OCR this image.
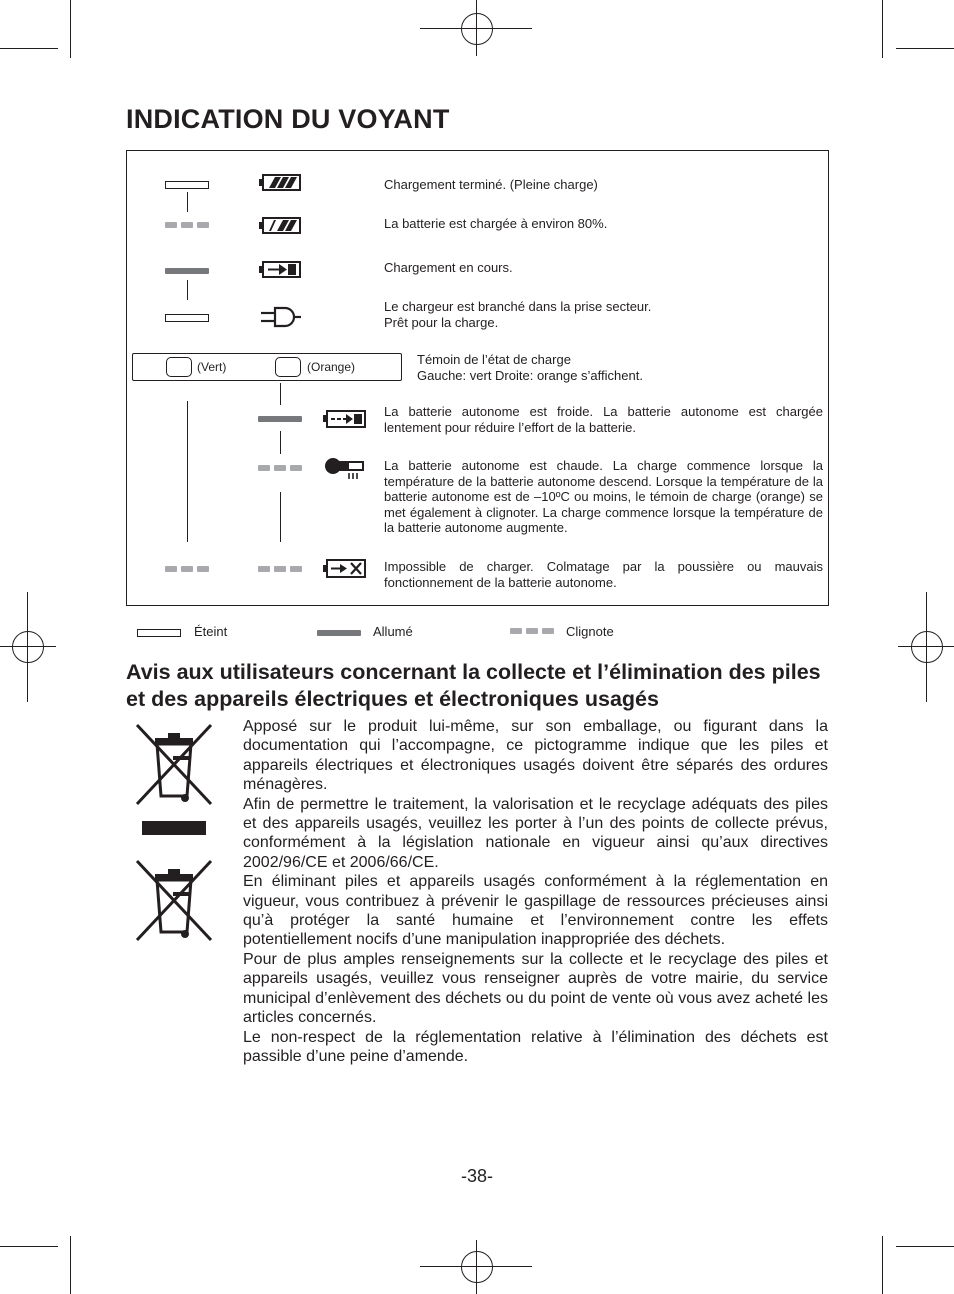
INDICATION DU VOYANT
Chargement terminé. (Pleine charge)
La batterie est chargée à environ 80%.
Chargement en cours.
Le chargeur est branché dans la prise secteur.
Prêt pour la charge.
(Vert)	(Orange)	Témoin de l’état de charge
Gauche: vert Droite: orange s’affichent.
La batterie autonome est froide. La batterie autonome est chargée lentement pour réduire l’effort de la batterie.
La batterie autonome est chaude. La charge commence lorsque la température de la batterie autonome descend. Lorsque la température de la batterie autonome est de –10ºC ou moins, le témoin de charge (orange) se met également à clignoter. La charge commence lorsque la température de la batterie autonome augmente.
Impossible de charger. Colmatage par la poussière ou mauvais fonctionnement de la batterie autonome.
Éteint	Allumé	Clignote
Avis aux utilisateurs concernant la collecte et l’élimination des piles et des appareils électriques et électroniques usagés

Apposé sur le produit lui-même, sur son emballage, ou figurant dans la documentation qui l’accompagne, ce pictogramme indique que les piles et appareils électriques et électroniques usagés doivent être séparés des ordures ménagères.

Afin de permettre le traitement, la valorisation et le recyclage adéquats des piles et des appareils usagés, veuillez les porter à l’un des points de collecte prévus, conformément à la législation nationale en vigueur ainsi qu’aux directives 2002/96/CE et 2006/66/CE.

En éliminant piles et appareils usagés conformément à la réglementation en vigueur, vous contribuez à prévenir le gaspillage de ressources précieuses ainsi qu’à protéger la santé humaine et l’environnement contre les effets potentiellement nocifs d’une manipulation inappropriée des déchets.

Pour de plus amples renseignements sur la collecte et le recyclage des piles et appareils usagés, veuillez vous renseigner auprès de votre mairie, du service municipal d’enlèvement des déchets ou du point de vente où vous avez acheté les articles concernés.

Le non-respect de la réglementation relative à l’élimination des déchets est passible d’une peine d’amende.

-38-
